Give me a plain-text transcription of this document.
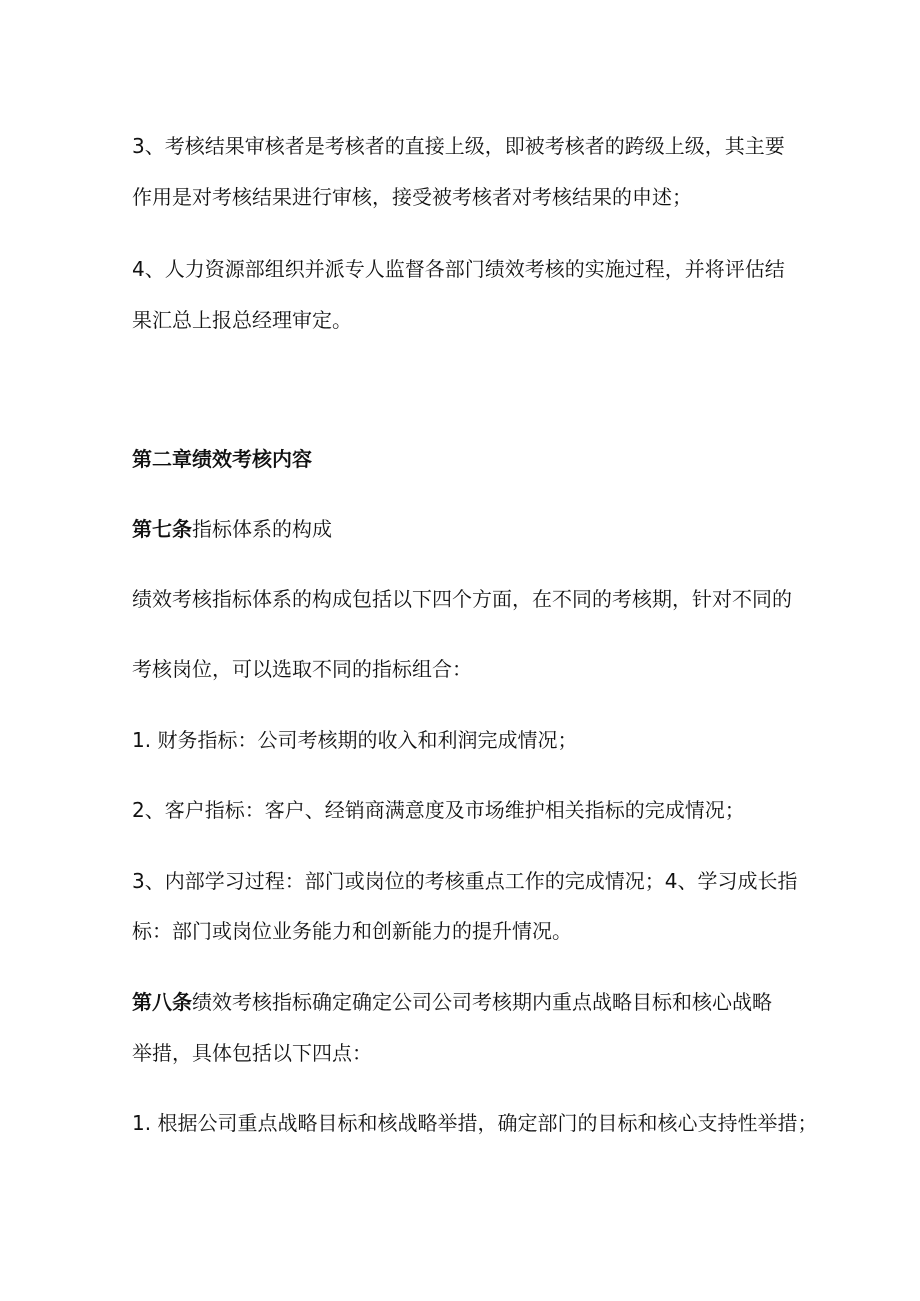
3、考核结果审核者是考核者的直接上级，即被考核者的跨级上级，其主要
作用是对考核结果进行审核，接受被考核者对考核结果的申述；
4、人力资源部组织并派专人监督各部门绩效考核的实施过程，并将评估结
果汇总上报总经理审定。
第二章绩效考核内容
第七条指标体系的构成
绩效考核指标体系的构成包括以下四个方面，在不同的考核期，针对不同的
考核岗位，可以选取不同的指标组合：
1. 财务指标：公司考核期的收入和利润完成情况；
2、客户指标：客户、经销商满意度及市场维护相关指标的完成情况；
3、内部学习过程：部门或岗位的考核重点工作的完成情况；4、学习成长指
标：部门或岗位业务能力和创新能力的提升情况。
第八条绩效考核指标确定确定公司公司考核期内重点战略目标和核心战略
举措，具体包括以下四点：
1. 根据公司重点战略目标和核战略举措，确定部门的目标和核心支持性举措；
